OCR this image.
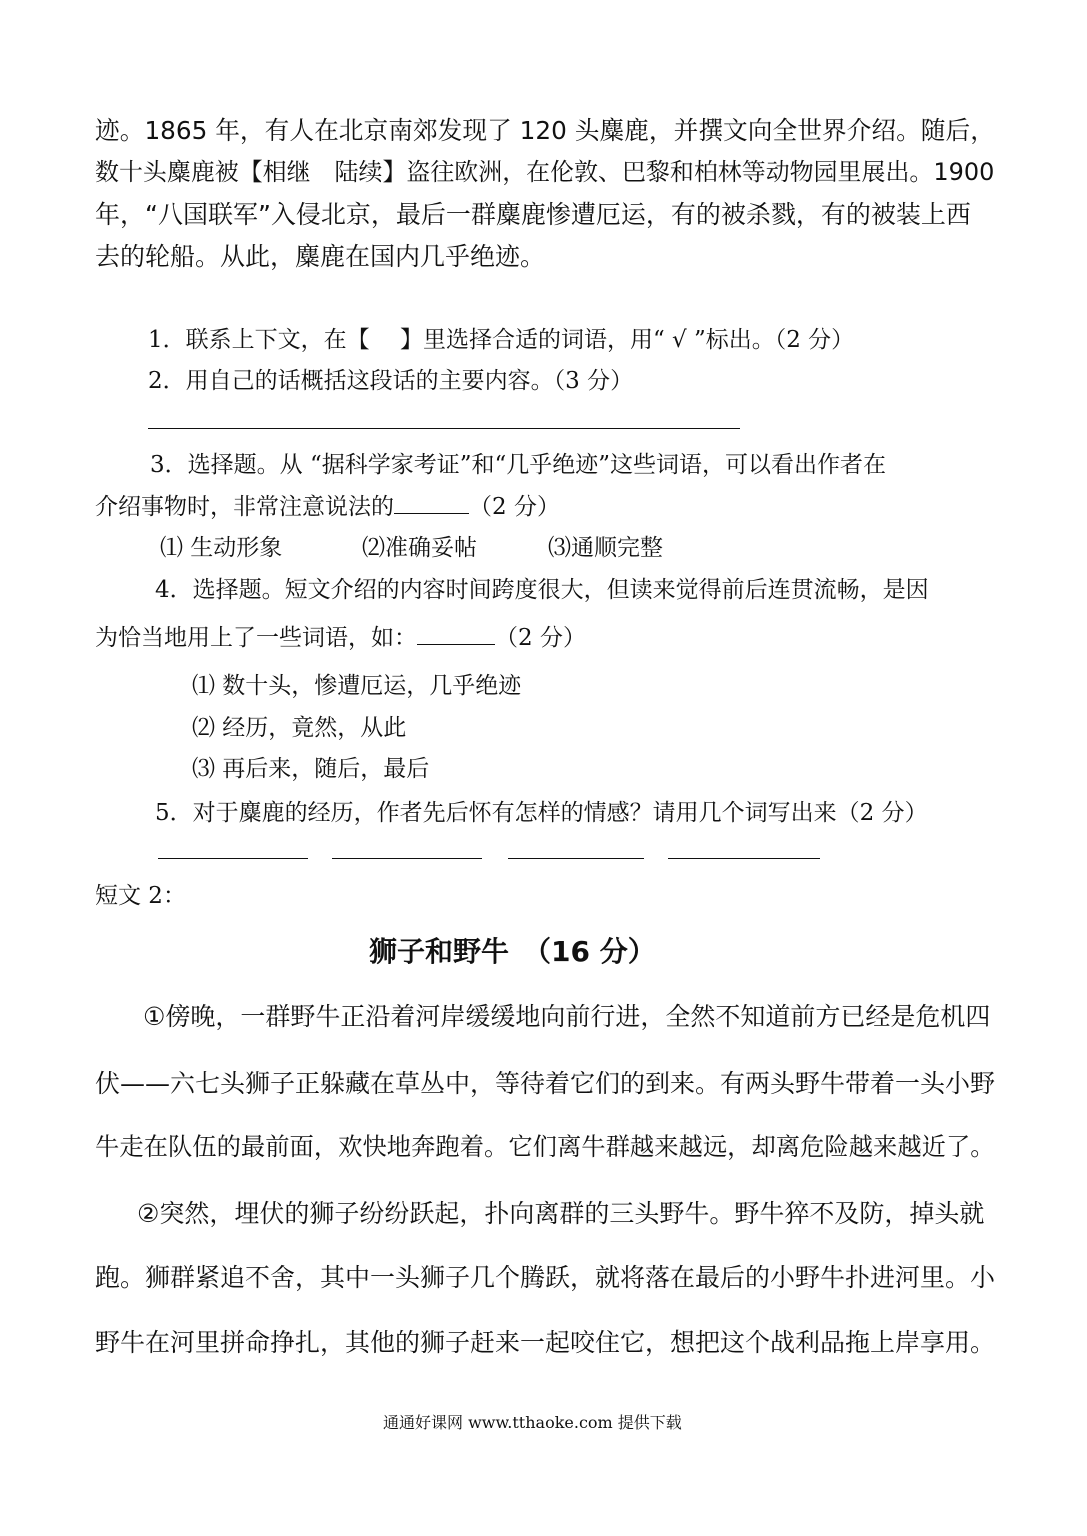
迹。1865 年，有人在北京南郊发现了 120 头麋鹿，并撰文向全世界介绍。随后，
数十头麋鹿被【相继　陆续】盗往欧洲，在伦敦、巴黎和柏林等动物园里展出。1900
年，“八国联军”入侵北京，最后一群麋鹿惨遭厄运，有的被杀戮，有的被装上西
去的轮船。从此，麋鹿在国内几乎绝迹。
1．联系上下文，在【　 】里选择合适的词语，用“ √ ”标出。（2 分）
2．用自己的话概括这段话的主要内容。（3 分）
3．选择题。从 “据科学家考证”和“几乎绝迹”这些词语，可以看出作者在
介绍事物时，非常注意说法的	（2 分）
⑴ 生动形象	⑵准确妥帖	⑶通顺完整
4．选择题。短文介绍的内容时间跨度很大，但读来觉得前后连贯流畅，是因
为恰当地用上了一些词语，如：	（2 分）
⑴ 数十头，惨遭厄运，几乎绝迹
⑵ 经历，竟然，从此
⑶ 再后来，随后，最后
5．对于麋鹿的经历，作者先后怀有怎样的情感？请用几个词写出来（2 分）
短文 2：
狮子和野牛　（16 分）
①傍晚，一群野牛正沿着河岸缓缓地向前行进，全然不知道前方已经是危机四
伏——六七头狮子正躲藏在草丛中，等待着它们的到来。有两头野牛带着一头小野
牛走在队伍的最前面，欢快地奔跑着。它们离牛群越来越远，却离危险越来越近了。
②突然，埋伏的狮子纷纷跃起，扑向离群的三头野牛。野牛猝不及防，掉头就
跑。狮群紧追不舍，其中一头狮子几个腾跃，就将落在最后的小野牛扑进河里。小
野牛在河里拼命挣扎，其他的狮子赶来一起咬住它，想把这个战利品拖上岸享用。
通通好课网 www.tthaoke.com 提供下载
